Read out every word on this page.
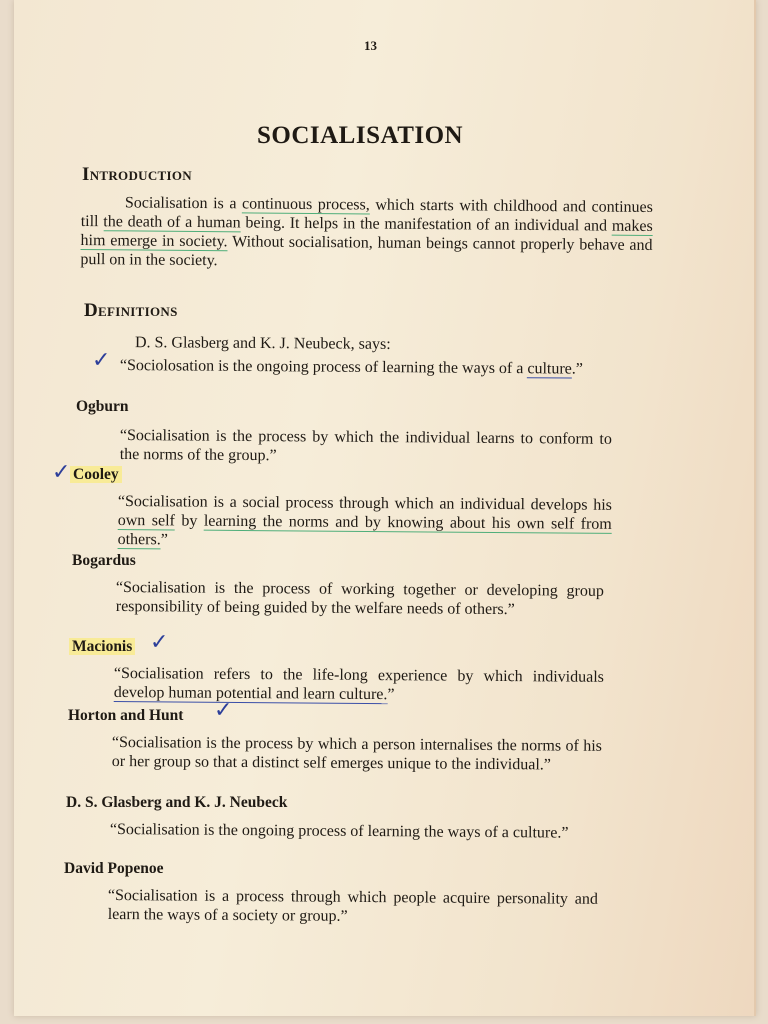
13
SOCIALISATION
Introduction

Socialisation is a continuous process, which starts with childhood and continues till the death of a human being. It helps in the manifestation of an individual and makes him emerge in society. Without socialisation, human beings cannot properly behave and pull on in the society.

Definitions
D. S. Glasberg and K. J. Neubeck, says:
✓ “Sociolosation is the ongoing process of learning the ways of a culture.”
Ogburn
“Socialisation is the process by which the individual learns to conform to the norms of the group.”
✓ Cooley
“Socialisation is a social process through which an individual develops his own self by learning the norms and by knowing about his own self from others.”
Bogardus
“Socialisation is the process of working together or developing group responsibility of being guided by the welfare needs of others.”
Macionis ✓
“Socialisation refers to the life-long experience by which individuals develop human potential and learn culture.”
Horton and Hunt ✓
“Socialisation is the process by which a person internalises the norms of his or her group so that a distinct self emerges unique to the individual.”
D. S. Glasberg and K. J. Neubeck
“Socialisation is the ongoing process of learning the ways of a culture.”
David Popenoe
“Socialisation is a process through which people acquire personality and learn the ways of a society or group.”
